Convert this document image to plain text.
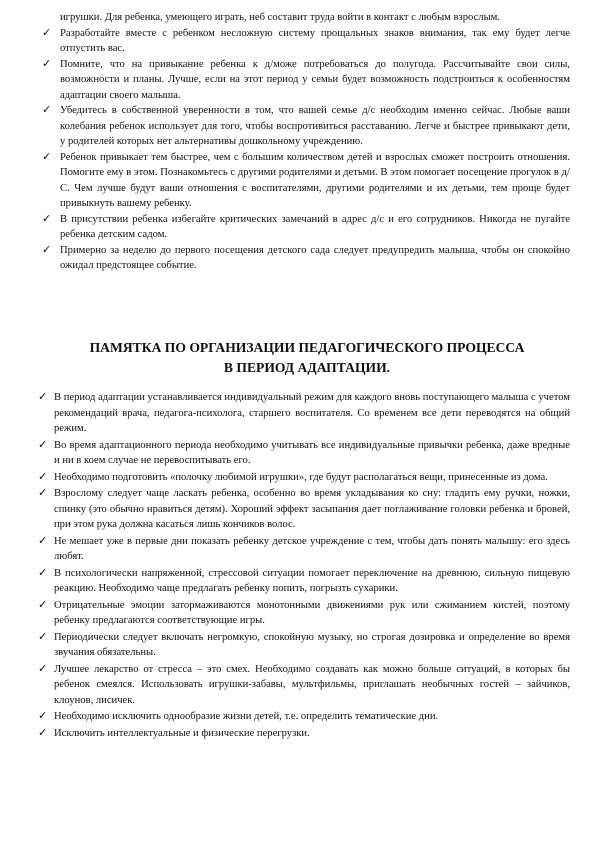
игрушки. Для ребенка, умеющего играть, неб составит труда войти в контакт с любым взрослым.
✓ Разработайте вместе с ребенком несложную систему прощальных знаков внимания, так ему будет легче отпустить вас.
✓ Помните, что на привыкание ребенка к д/може потребоваться до полугода. Рассчитывайте свои силы, возможности и планы. Лучше, если на этот период у семьи будет возможность подстроиться к особенностям адаптации своего малыша.
✓ Убедитесь в собственной уверенности в том, что вашей семье д/с необходим именно сейчас. Любые ваши колебания ребенок использует для того, чтобы воспротивиться расставанию. Легче и быстрее привыкают дети, у родителей которых нет альтернативы дошкольному учреждению.
✓ Ребенок привыкает тем быстрее, чем с большим количеством детей и взрослых сможет построить отношения. Помогите ему в этом. Познакомьтесь с другими родителями и детьми. В этом помогает посещение прогулок в д/С. Чем лучше будут ваши отношения с воспитателями, другими родителями и их детьми, тем проще будет привыкнуть вашему ребенку.
✓ В присутствии ребенка избегайте критических замечаний в адрес д/с и его сотрудников. Никогда не пугайте ребенка детским садом.
✓ Примерно за неделю до первого посещения детского сада следует предупредить малыша, чтобы он спокойно ожидал предстоящее событие.
ПАМЯТКА ПО ОРГАНИЗАЦИИ ПЕДАГОГИЧЕСКОГО ПРОЦЕССА
В ПЕРИОД АДАПТАЦИИ.
✓ В период адаптации устанавливается индивидуальный режим для каждого вновь поступающего малыша с учетом рекомендаций врача, педагога-психолога, старшего воспитателя. Со временем все дети переводятся на общий режим.
✓ Во время адаптационного периода необходимо учитывать все индивидуальные привычки ребенка, даже вредные и ни в коем случае не перевоспитывать его.
✓ Необходимо подготовить «полочку любимой игрушки», где будут располагаться вещи, принесенные из дома.
✓ Взрослому следует чаще ласкать ребенка, особенно во время укладывания ко сну: гладить ему ручки, ножки, спинку (это обычно нравиться детям). Хороший эффект засыпания дает поглаживание головки ребенка и бровей, при этом рука должна касаться лишь кончиков волос.
✓ Не мешает уже в первые дни показать ребенку детское учреждение с тем, чтобы дать понять малышу: его здесь любят.
✓ В психологически напряженной, стрессовой ситуации помогает переключение на древнюю, сильную пищевую реакцию. Необходимо чаще предлагать ребенку попить, погрызть сухарики.
✓ Отрицательные эмоции затормаживаются монотонными движениями рук или сжиманием кистей, поэтому ребенку предлагаются соответствующие игры.
✓ Периодически следует включать негромкую, спокойную музыку, но строгая дозировка и определение во время звучания обязательны.
✓ Лучшее лекарство от стресса – это смех. Необходимо создавать как можно больше ситуаций, в которых бы ребенок смеялся. Использовать игрушки-забавы, мультфильмы, приглашать необычных гостей – зайчиков, клоунов, лисичек.
✓ Необходимо исключить однообразие жизни детей, т.е. определить тематические дни.
✓ Исключить интеллектуальные и физические перегрузки.
